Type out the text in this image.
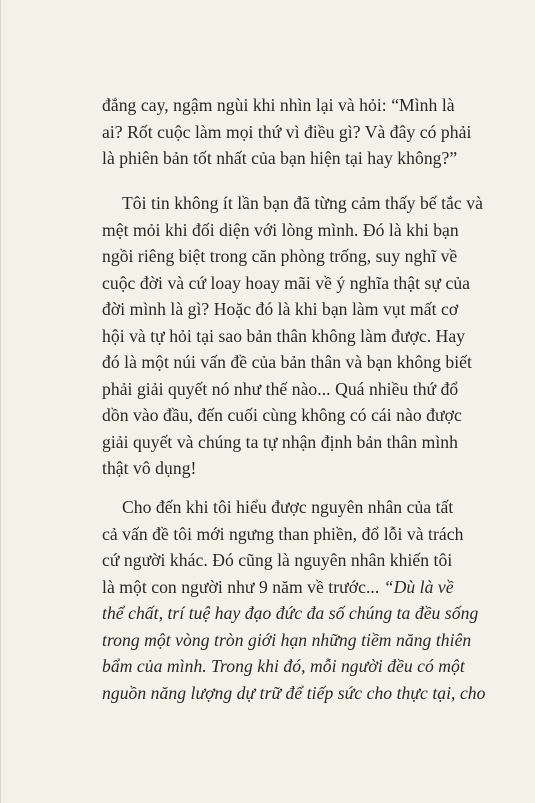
đắng cay, ngậm ngùi khi nhìn lại và hỏi: “Mình là
ai? Rốt cuộc làm mọi thứ vì điều gì? Và đây có phải
là phiên bản tốt nhất của bạn hiện tại hay không?”
Tôi tin không ít lần bạn đã từng cảm thấy bế tắc và
mệt mỏi khi đối diện với lòng mình. Đó là khi bạn
ngồi riêng biệt trong căn phòng trống, suy nghĩ về
cuộc đời và cứ loay hoay mãi về ý nghĩa thật sự của
đời mình là gì? Hoặc đó là khi bạn làm vụt mất cơ
hội và tự hỏi tại sao bản thân không làm được. Hay
đó là một núi vấn đề của bản thân và bạn không biết
phải giải quyết nó như thế nào... Quá nhiều thứ đổ
dồn vào đầu, đến cuối cùng không có cái nào được
giải quyết và chúng ta tự nhận định bản thân mình
thật vô dụng!
Cho đến khi tôi hiểu được nguyên nhân của tất
cả vấn đề tôi mới ngưng than phiền, đổ lỗi và trách
cứ người khác. Đó cũng là nguyên nhân khiến tôi
là một con người như 9 năm về trước... “Dù là về
thể chất, trí tuệ hay đạo đức đa số chúng ta đều sống
trong một vòng tròn giới hạn những tiềm năng thiên
bẩm của mình. Trong khi đó, mỗi người đều có một
nguồn năng lượng dự trữ để tiếp sức cho thực tại, cho
